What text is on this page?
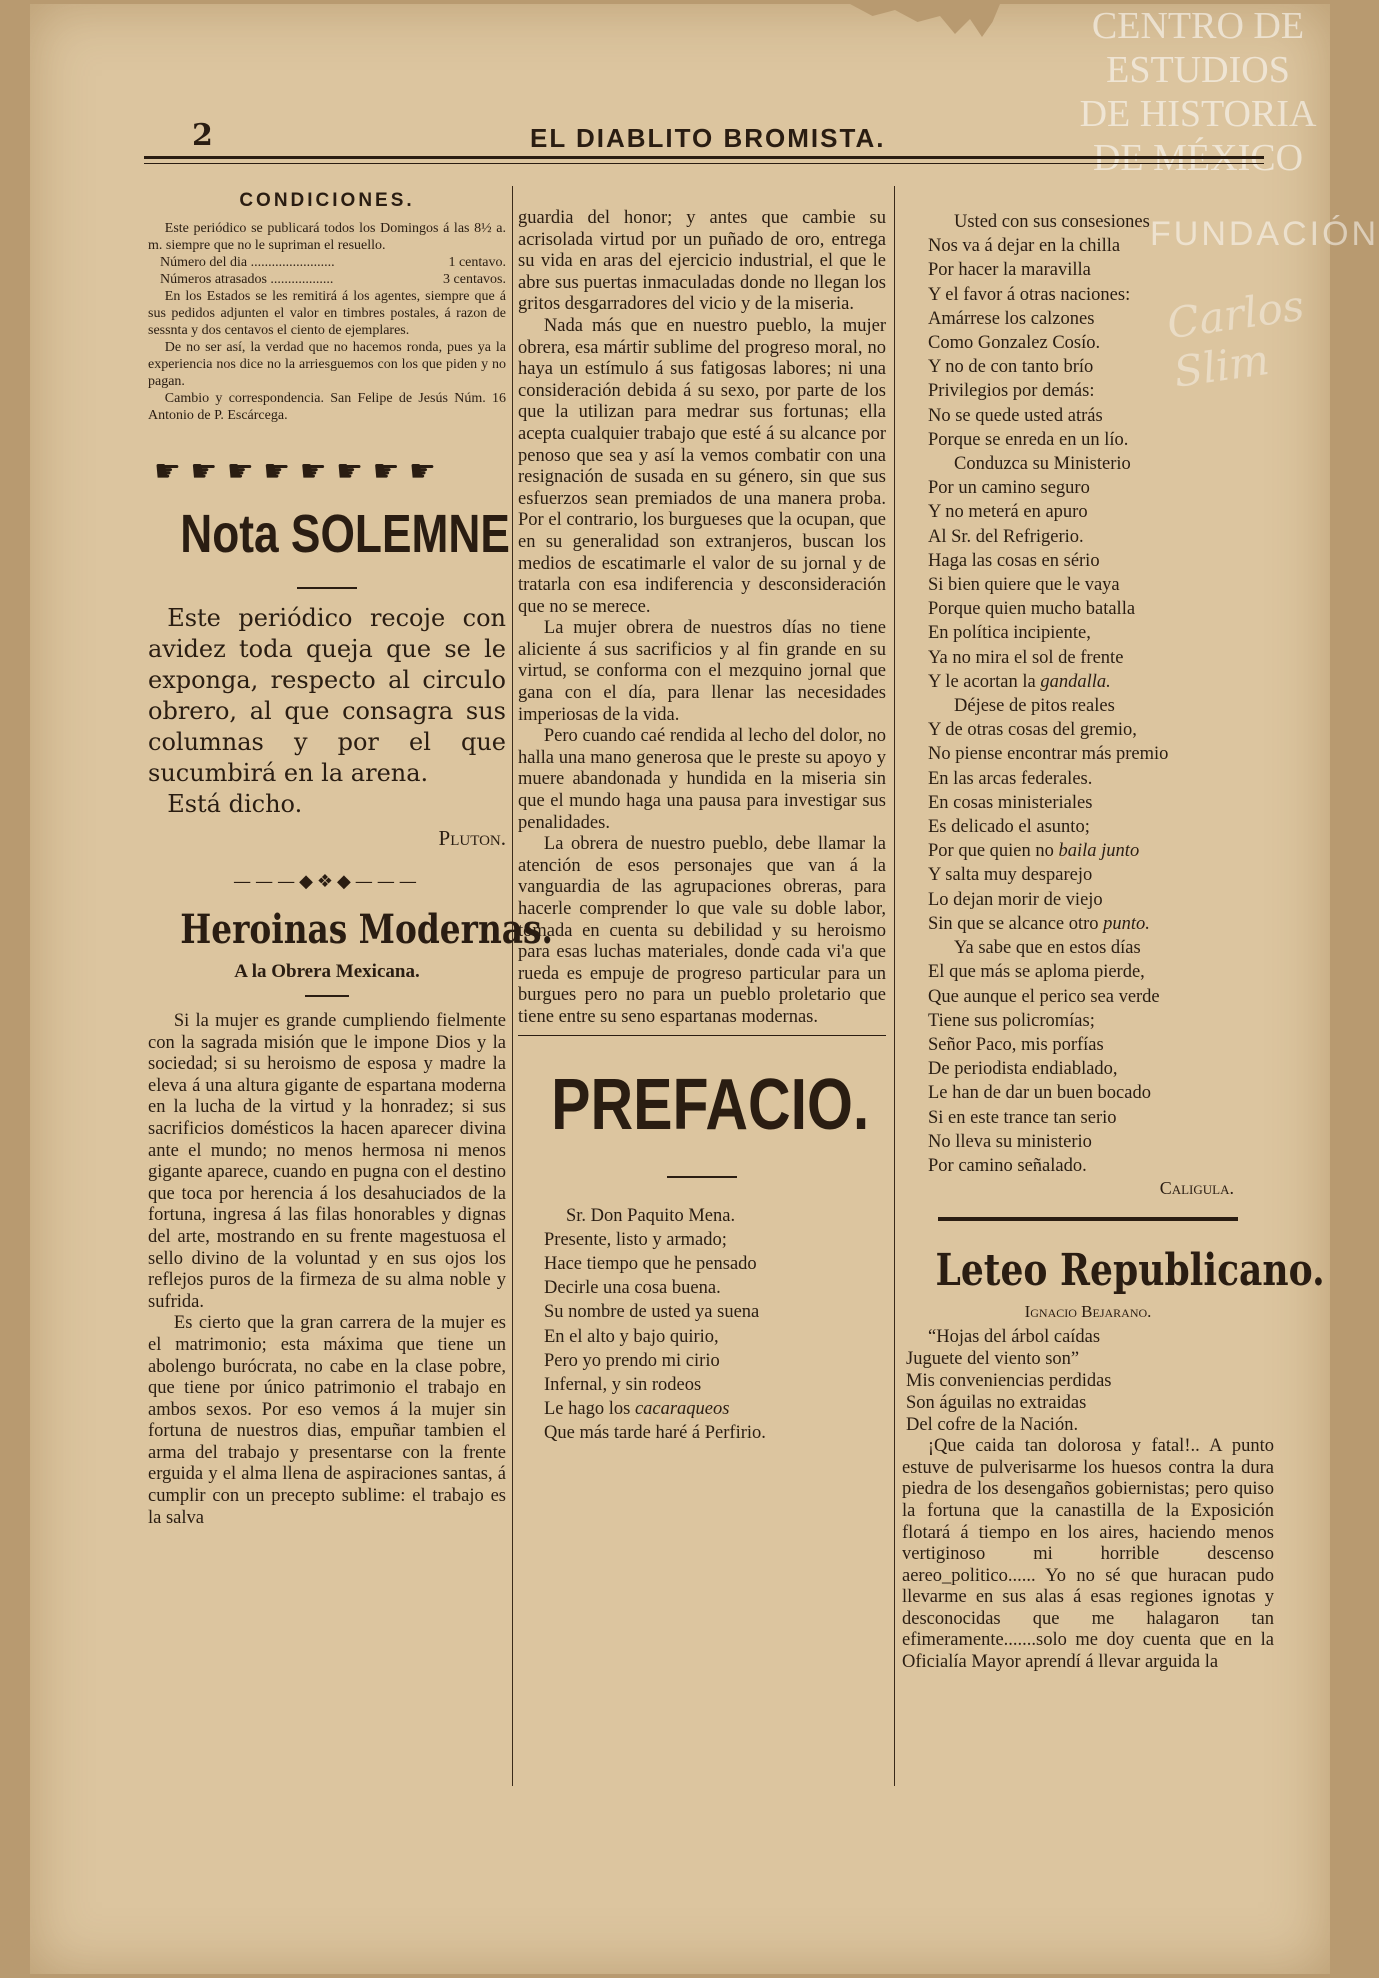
CENTRO DE
ESTUDIOS
DE HISTORIA
DE MÉXICO
FUNDACIÓN
Carlos Slim
2	EL DIABLITO BROMISTA.
CONDICIONES.

Este periódico se publicará todos los Domingos á las 8½ a. m. siempre que no le supriman el resuello.

Número del dia ........................	1 centavo.
Números atrasados ..................	3 centavos.

En los Estados se les remitirá á los agentes, siempre que á sus pedidos adjunten el valor en timbres postales, á razon de sessnta y dos centavos el ciento de ejemplares.

De no ser así, la verdad que no hacemos ronda, pues ya la experiencia nos dice no la arriesguemos con los que piden y no pagan.

Cambio y correspondencia. San Felipe de Jesús Núm. 16 Antonio de P. Escárcega.

☛ ☛ ☛ ☛ ☛ ☛ ☛ ☛
Nota SOLEMNE

Este periódico recoje con avidez toda queja que se le exponga, respecto al circulo obrero, al que consagra sus columnas y por el que sucumbirá en la arena.

Está dicho.

Pluton.
———◆❖◆———
Heroinas Modernas.
A la Obrera Mexicana.

Si la mujer es grande cumpliendo fielmente con la sagrada misión que le impone Dios y la sociedad; si su heroismo de esposa y madre la eleva á una altura gigante de espartana moderna en la lucha de la virtud y la honradez; si sus sacrificios domésticos la hacen aparecer divina ante el mundo; no menos hermosa ni menos gigante aparece, cuando en pugna con el destino que toca por herencia á los desahuciados de la fortuna, ingresa á las filas honorables y dignas del arte, mostrando en su frente magestuosa el sello divino de la voluntad y en sus ojos los reflejos puros de la firmeza de su alma noble y sufrida.

Es cierto que la gran carrera de la mujer es el matrimonio; esta máxima que tiene un abolengo burócrata, no cabe en la clase pobre, que tiene por único patrimonio el trabajo en ambos sexos. Por eso vemos á la mujer sin fortuna de nuestros dias, empuñar tambien el arma del trabajo y presentarse con la frente erguida y el alma llena de aspiraciones santas, á cumplir con un precepto sublime: el trabajo es la salva

guardia del honor; y antes que cambie su acrisolada virtud por un puñado de oro, entrega su vida en aras del ejercicio industrial, el que le abre sus puertas inmaculadas donde no llegan los gritos desgarradores del vicio y de la miseria.

Nada más que en nuestro pueblo, la mujer obrera, esa mártir sublime del progreso moral, no haya un estímulo á sus fatigosas labores; ni una consideración debida á su sexo, por parte de los que la utilizan para medrar sus fortunas; ella acepta cualquier trabajo que esté á su alcance por penoso que sea y así la vemos combatir con una resignación de susada en su género, sin que sus esfuerzos sean premiados de una manera proba. Por el contrario, los burgueses que la ocupan, que en su generalidad son extranjeros, buscan los medios de escatimarle el valor de su jornal y de tratarla con esa indiferencia y desconsideración que no se merece.

La mujer obrera de nuestros días no tiene aliciente á sus sacrificios y al fin grande en su virtud, se conforma con el mezquino jornal que gana con el día, para llenar las necesidades imperiosas de la vida.

Pero cuando caé rendida al lecho del dolor, no halla una mano generosa que le preste su apoyo y muere abandonada y hundida en la miseria sin que el mundo haga una pausa para investigar sus penalidades.

La obrera de nuestro pueblo, debe llamar la atención de esos personajes que van á la vanguardia de las agrupaciones obreras, para hacerle comprender lo que vale su doble labor, tomada en cuenta su debilidad y su heroismo para esas luchas materiales, donde cada vi'a que rueda es empuje de progreso particular para un burgues pero no para un pueblo proletario que tiene entre su seno espartanas modernas.

PREFACIO.
Sr. Don Paquito Mena.
Presente, listo y armado;
Hace tiempo que he pensado
Decirle una cosa buena.
Su nombre de usted ya suena
En el alto y bajo quirio,
Pero yo prendo mi cirio
Infernal, y sin rodeos
Le hago los cacaraqueos
Que más tarde haré á Perfirio.
Usted con sus consesiones
Nos va á dejar en la chilla
Por hacer la maravilla
Y el favor á otras naciones:
Amárrese los calzones
Como Gonzalez Cosío.
Y no de con tanto brío
Privilegios por demás:
No se quede usted atrás
Porque se enreda en un lío.
Conduzca su Ministerio
Por un camino seguro
Y no meterá en apuro
Al Sr. del Refrigerio.
Haga las cosas en sério
Si bien quiere que le vaya
Porque quien mucho batalla
En política incipiente,
Ya no mira el sol de frente
Y le acortan la gandalla.
Déjese de pitos reales
Y de otras cosas del gremio,
No piense encontrar más premio
En las arcas federales.
En cosas ministeriales
Es delicado el asunto;
Por que quien no baila junto
Y salta muy desparejo
Lo dejan morir de viejo
Sin que se alcance otro punto.
Ya sabe que en estos días
El que más se aploma pierde,
Que aunque el perico sea verde
Tiene sus policromías;
Señor Paco, mis porfías
De periodista endiablado,
Le han de dar un buen bocado
Si en este trance tan serio
No lleva su ministerio
Por camino señalado.
Caligula.
Leteo Republicano.
Ignacio Bejarano.
“Hojas del árbol caídas
Juguete del viento son”
Mis conveniencias perdidas
Son águilas no extraidas
Del cofre de la Nación.

¡Que caida tan dolorosa y fatal!.. A punto estuve de pulverisarme los huesos contra la dura piedra de los desengaños gobiernistas; pero quiso la fortuna que la canastilla de la Exposición flotará á tiempo en los aires, haciendo menos vertiginoso mi horrible descenso aereo_politico...... Yo no sé que huracan pudo llevarme en sus alas á esas regiones ignotas y desconocidas que me halagaron tan efimeramente.......solo me doy cuenta que en la Oficialía Mayor aprendí á llevar arguida la
